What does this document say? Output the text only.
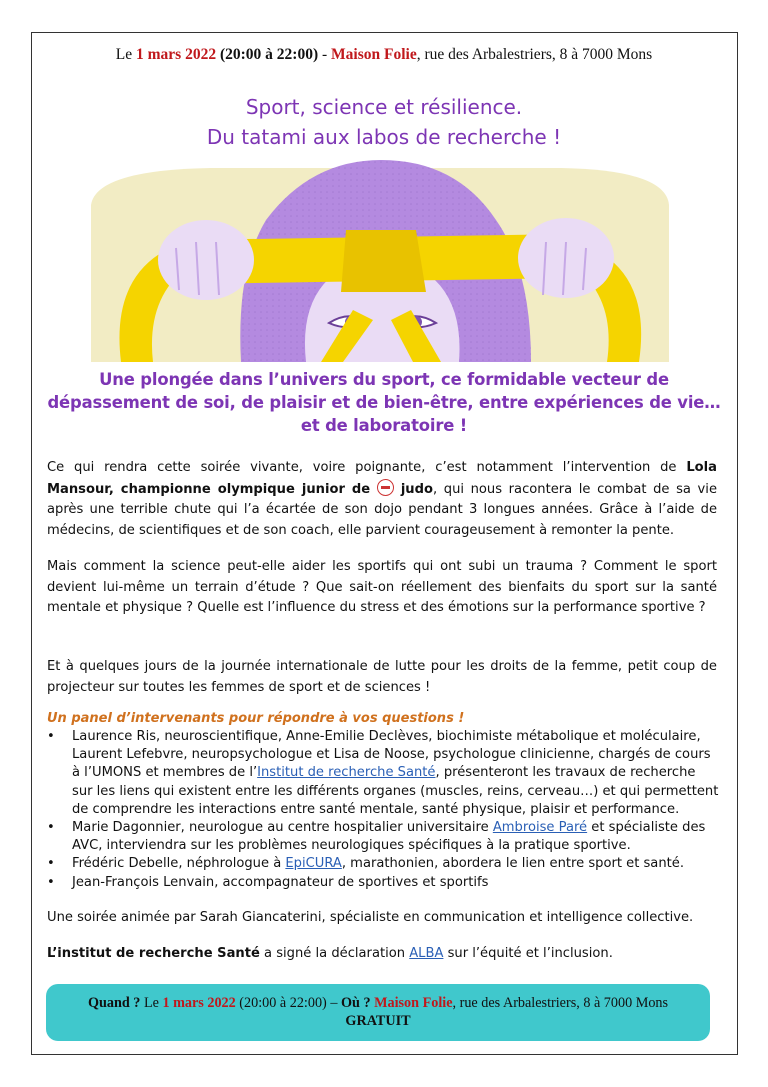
Le 1 mars 2022 (20:00 à 22:00) - Maison Folie, rue des Arbalestriers, 8 à 7000 Mons
Sport, science et résilience.
Du tatami aux labos de recherche !
Une plongée dans l’univers du sport, ce formidable vecteur de dépassement de soi, de plaisir et de bien-être, entre expériences de vie… et de laboratoire !
Ce qui rendra cette soirée vivante, voire poignante, c’est notamment l’intervention de Lola Mansour, championne olympique junior de  judo, qui nous racontera le combat de sa vie après une terrible chute qui l’a écartée de son dojo pendant 3 longues années. Grâce à l’aide de médecins, de scientifiques et de son coach, elle parvient courageusement à remonter la pente.
Mais comment la science peut-elle aider les sportifs qui ont subi un trauma ? Comment le sport devient lui-même un terrain d’étude ? Que sait-on réellement des bienfaits du sport sur la santé mentale et physique ? Quelle est l’influence du stress et des émotions sur la performance sportive ?
Et à quelques jours de la journée internationale de lutte pour les droits de la femme, petit coup de projecteur sur toutes les femmes de sport et de sciences !
Un panel d’intervenants pour répondre à vos questions !
• Laurence Ris, neuroscientifique, Anne-Emilie Declèves, biochimiste métabolique et moléculaire, Laurent Lefebvre, neuropsychologue et Lisa de Noose, psychologue clinicienne, chargés de cours à l’UMONS et membres de l’Institut de recherche Santé, présenteront les travaux de recherche sur les liens qui existent entre les différents organes (muscles, reins, cerveau…) et qui permettent de comprendre les interactions entre santé mentale, santé physique, plaisir et performance.
• Marie Dagonnier, neurologue au centre hospitalier universitaire Ambroise Paré et spécialiste des AVC, interviendra sur les problèmes neurologiques spécifiques à la pratique sportive.
• Frédéric Debelle, néphrologue à EpiCURA, marathonien, abordera le lien entre sport et santé.
• Jean-François Lenvain, accompagnateur de sportives et sportifs
Une soirée animée par Sarah Giancaterini, spécialiste en communication et intelligence collective.
L’institut de recherche Santé a signé la déclaration ALBA sur l’équité et l’inclusion.
Quand ? Le 1 mars 2022 (20:00 à 22:00) – Où ? Maison Folie, rue des Arbalestriers, 8 à 7000 Mons
GRATUIT
